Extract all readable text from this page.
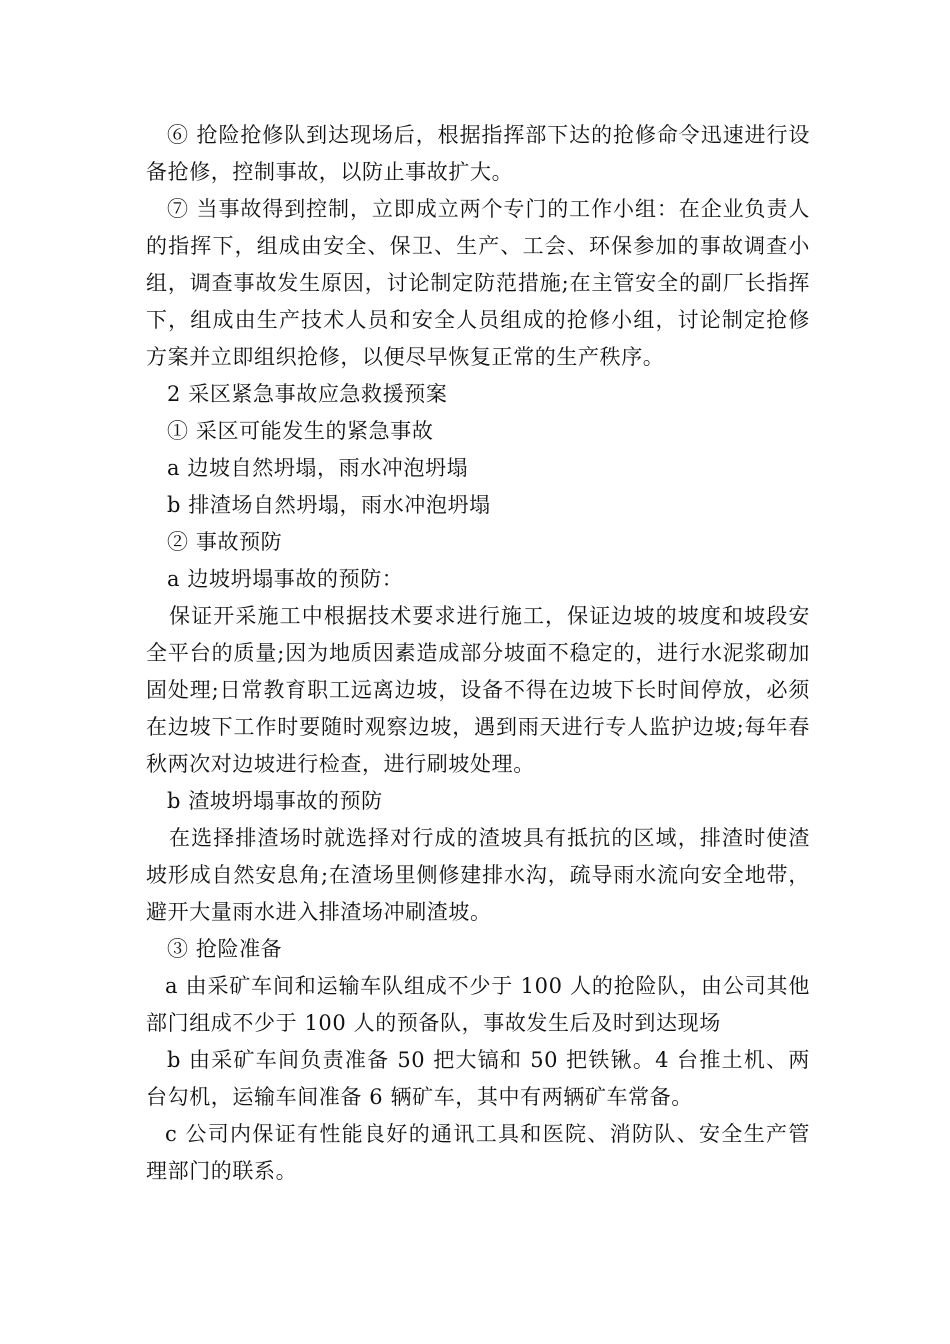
⑥ 抢险抢修队到达现场后，根据指挥部下达的抢修命令迅速进行设备抢修，控制事故，以防止事故扩大。

⑦ 当事故得到控制，立即成立两个专门的工作小组：在企业负责人的指挥下，组成由安全、保卫、生产、工会、环保参加的事故调查小组，调查事故发生原因，讨论制定防范措施;在主管安全的副厂长指挥下，组成由生产技术人员和安全人员组成的抢修小组，讨论制定抢修方案并立即组织抢修，以便尽早恢复正常的生产秩序。

2 采区紧急事故应急救援预案

① 采区可能发生的紧急事故

a 边坡自然坍塌，雨水冲泡坍塌

b 排渣场自然坍塌，雨水冲泡坍塌

② 事故预防

a 边坡坍塌事故的预防：

保证开采施工中根据技术要求进行施工，保证边坡的坡度和坡段安全平台的质量;因为地质因素造成部分坡面不稳定的，进行水泥浆砌加固处理;日常教育职工远离边坡，设备不得在边坡下长时间停放，必须在边坡下工作时要随时观察边坡，遇到雨天进行专人监护边坡;每年春秋两次对边坡进行检查，进行刷坡处理。

b 渣坡坍塌事故的预防

在选择排渣场时就选择对行成的渣坡具有抵抗的区域，排渣时使渣坡形成自然安息角;在渣场里侧修建排水沟，疏导雨水流向安全地带，避开大量雨水进入排渣场冲刷渣坡。

③ 抢险准备

a 由采矿车间和运输车队组成不少于 100 人的抢险队，由公司其他部门组成不少于 100 人的预备队，事故发生后及时到达现场

b 由采矿车间负责准备 50 把大镐和 50 把铁锹。4 台推土机、两台勾机，运输车间准备 6 辆矿车，其中有两辆矿车常备。

c 公司内保证有性能良好的通讯工具和医院、消防队、安全生产管理部门的联系。
